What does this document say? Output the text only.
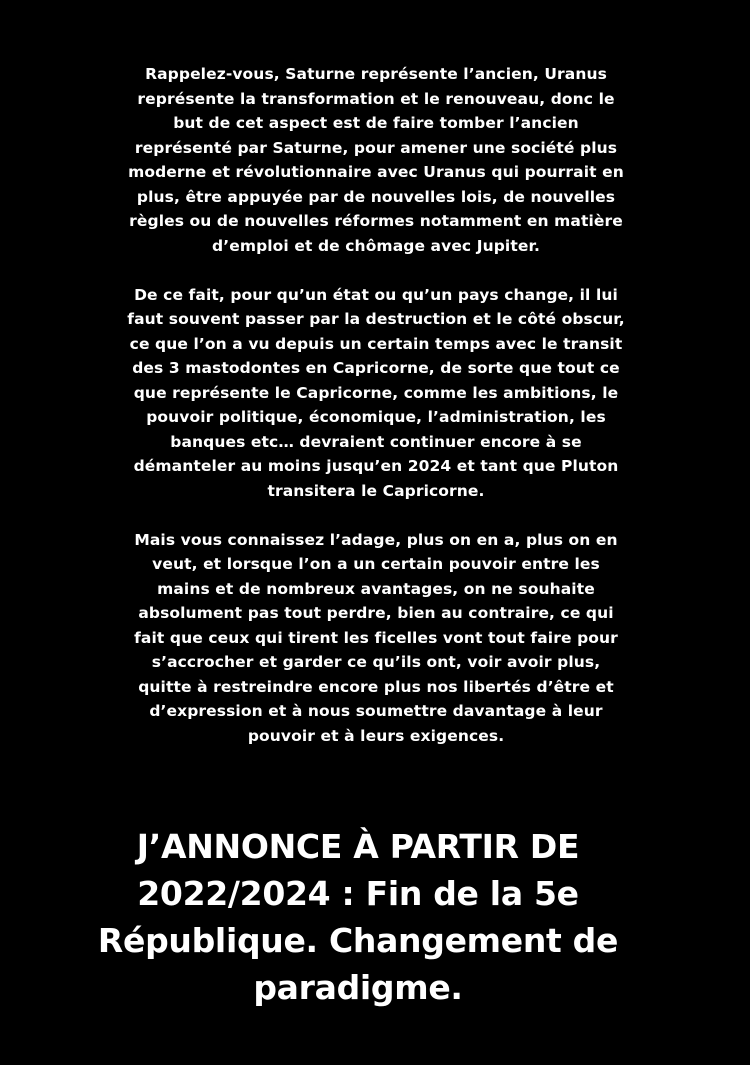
Rappelez-vous, Saturne représente l’ancien, Uranus représente la transformation et le renouveau, donc le but de cet aspect est de faire tomber l’ancien représenté par Saturne, pour amener une société plus moderne et révolutionnaire avec Uranus qui pourrait en plus, être appuyée par de nouvelles lois, de nouvelles règles ou de nouvelles réformes notamment en matière d’emploi et de chômage avec Jupiter.

De ce fait, pour qu’un état ou qu’un pays change, il lui faut souvent passer par la destruction et le côté obscur, ce que l’on a vu depuis un certain temps avec le transit des 3 mastodontes en Capricorne, de sorte que tout ce que représente le Capricorne, comme les ambitions, le pouvoir politique, économique, l’administration, les banques etc… devraient continuer encore à se démanteler au moins jusqu’en 2024 et tant que Pluton transitera le Capricorne.

Mais vous connaissez l’adage, plus on en a, plus on en veut, et lorsque l’on a un certain pouvoir entre les mains et de nombreux avantages, on ne souhaite absolument pas tout perdre, bien au contraire, ce qui fait que ceux qui tirent les ficelles vont tout faire pour s’accrocher et garder ce qu’ils ont, voir avoir plus, quitte à restreindre encore plus nos libertés d’être et d’expression et à nous soumettre davantage à leur pouvoir et à leurs exigences.

J’ANNONCE À PARTIR DE 2022/2024 : Fin de la 5e République. Changement de paradigme.
